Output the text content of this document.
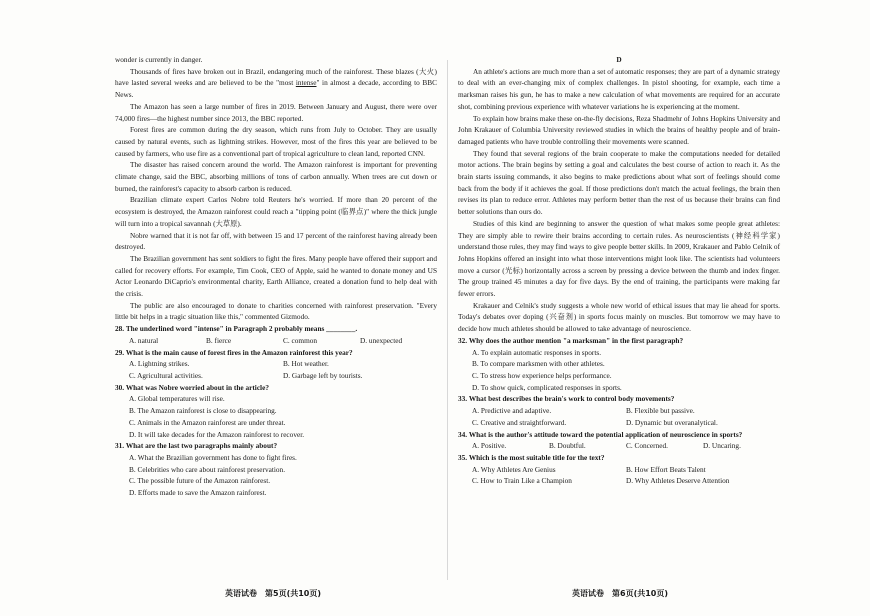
wonder is currently in danger.

Thousands of fires have broken out in Brazil, endangering much of the rainforest. These blazes (大火) have lasted several weeks and are believed to be the "most intense" in almost a decade, according to BBC News.

The Amazon has seen a large number of fires in 2019. Between January and August, there were over 74,000 fires—the highest number since 2013, the BBC reported.

Forest fires are common during the dry season, which runs from July to October. They are usually caused by natural events, such as lightning strikes. However, most of the fires this year are believed to be caused by farmers, who use fire as a conventional part of tropical agriculture to clean land, reported CNN.

The disaster has raised concern around the world. The Amazon rainforest is important for preventing climate change, said the BBC, absorbing millions of tons of carbon annually. When trees are cut down or burned, the rainforest's capacity to absorb carbon is reduced.

Brazilian climate expert Carlos Nobre told Reuters he's worried. If more than 20 percent of the ecosystem is destroyed, the Amazon rainforest could reach a "tipping point (临界点)" where the thick jungle will turn into a tropical savannah (大草原).

Nobre warned that it is not far off, with between 15 and 17 percent of the rainforest having already been destroyed.

The Brazilian government has sent soldiers to fight the fires. Many people have offered their support and called for recovery efforts. For example, Tim Cook, CEO of Apple, said he wanted to donate money and US Actor Leonardo DiCaprio's environmental charity, Earth Alliance, created a donation fund to help deal with the crisis.

The public are also encouraged to donate to charities concerned with rainforest preservation. "Every little bit helps in a tragic situation like this," commented Gizmodo.

28. The underlined word "intense" in Paragraph 2 probably means ________.

A. natural	B. fierce	C. common	D. unexpected

29. What is the main cause of forest fires in the Amazon rainforest this year?

A. Lightning strikes.	B. Hot weather.
C. Agricultural activities.	D. Garbage left by tourists.

30. What was Nobre worried about in the article?

A. Global temperatures will rise.

B. The Amazon rainforest is close to disappearing.

C. Animals in the Amazon rainforest are under threat.

D. It will take decades for the Amazon rainforest to recover.

31. What are the last two paragraphs mainly about?

A. What the Brazilian government has done to fight fires.

B. Celebrities who care about rainforest preservation.

C. The possible future of the Amazon rainforest.

D. Efforts made to save the Amazon rainforest.

D

An athlete's actions are much more than a set of automatic responses; they are part of a dynamic strategy to deal with an ever-changing mix of complex challenges. In pistol shooting, for example, each time a marksman raises his gun, he has to make a new calculation of what movements are required for an accurate shot, combining previous experience with whatever variations he is experiencing at the moment.

To explain how brains make these on-the-fly decisions, Reza Shadmehr of Johns Hopkins University and John Krakauer of Columbia University reviewed studies in which the brains of healthy people and of brain-damaged patients who have trouble controlling their movements were scanned.

They found that several regions of the brain cooperate to make the computations needed for detailed motor actions. The brain begins by setting a goal and calculates the best course of action to reach it. As the brain starts issuing commands, it also begins to make predictions about what sort of feelings should come back from the body if it achieves the goal. If those predictions don't match the actual feelings, the brain then revises its plan to reduce error. Athletes may perform better than the rest of us because their brains can find better solutions than ours do.

Studies of this kind are beginning to answer the question of what makes some people great athletes: They are simply able to rewire their brains according to certain rules. As neuroscientists (神经科学家) understand those rules, they may find ways to give people better skills. In 2009, Krakauer and Pablo Celnik of Johns Hopkins offered an insight into what those interventions might look like. The scientists had volunteers move a cursor (光标) horizontally across a screen by pressing a device between the thumb and index finger. The group trained 45 minutes a day for five days. By the end of training, the participants were making far fewer errors.

Krakauer and Celnik's study suggests a whole new world of ethical issues that may lie ahead for sports. Today's debates over doping (兴奋剂) in sports focus mainly on muscles. But tomorrow we may have to decide how much athletes should be allowed to take advantage of neuroscience.

32. Why does the author mention "a marksman" in the first paragraph?

A. To explain automatic responses in sports.

B. To compare marksmen with other athletes.

C. To stress how experience helps performance.

D. To show quick, complicated responses in sports.

33. What best describes the brain's work to control body movements?

A. Predictive and adaptive.	B. Flexible but passive.
C. Creative and straightforward.	D. Dynamic but overanalytical.

34. What is the author's attitude toward the potential application of neuroscience in sports?

A. Positive.	B. Doubtful.	C. Concerned.	D. Uncaring.

35. Which is the most suitable title for the text?

A. Why Athletes Are Genius	B. How Effort Beats Talent
C. How to Train Like a Champion	D. Why Athletes Deserve Attention
英语试卷　第5页(共10页)	英语试卷　第6页(共10页)
